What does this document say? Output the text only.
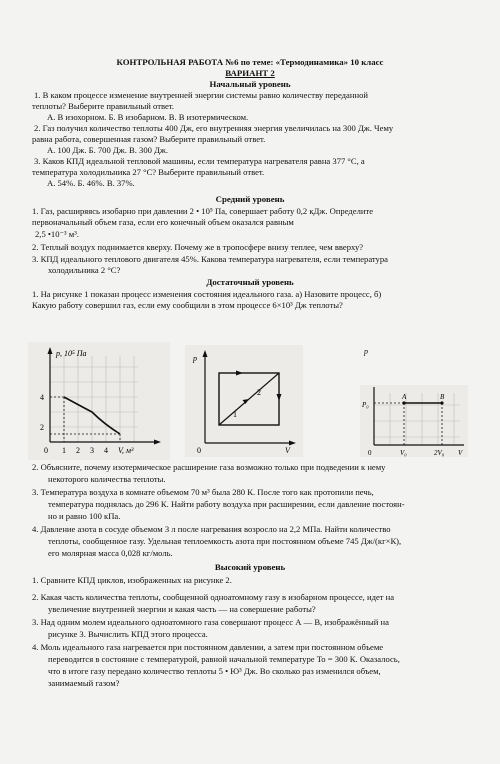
КОНТРОЛЬНАЯ РАБОТА №6 по теме: «Термодинамика» 10 класс
ВАРИАНТ 2
Начальный уровень
1. В каком процессе изменение внутренней энергии системы равно количеству переданной
теплоты? Выберите правильный ответ.
А. В изохорном. Б. В изобарном. В. В изотермическом.
2. Газ получил количество теплоты 400 Дж, его внутренняя энергия увеличилась на 300 Дж. Чему
равна работа, совершенная газом? Выберите правильный ответ.
А. 100 Дж. Б. 700 Дж. В. 300 Дж.
3. Каков КПД идеальной тепловой машины, если температура нагревателя равна 377 °С, а
температура холодильника 27 °С? Выберите правильный ответ.
А. 54%. Б. 46%. В. 37%.
Средний уровень
1. Газ, расширяясь изобарно при давлении 2 • 10⁵ Па, совершает работу 0,2 кДж. Определите
первоначальный объем газа, если его конечный объем оказался равным
2,5 •10⁻³ м³.
2. Теплый воздух поднимается кверху. Почему же в тропосфере внизу теплее, чем вверху?
3. КПД идеального теплового двигателя 45%. Какова температура нагревателя, если температура
холодильника 2 °С?
Достаточный уровень
1. На рисунке 1 показан процесс изменения состояния идеального газа. а) Назовите процесс, б)
Какую работу совершил газ, если ему сообщили в этом процессе 6×10³ Дж теплоты?
p, 10⁵ Па
4
2
0 1 2 3 4 V, м³
p
0	V
1
2
P₀
A	B
0	V₀	2V₀ V
p
2. Объясните, почему изотермическое расширение газа возможно только при подведении к нему
некоторого количества теплоты.
3. Температура воздуха в комнате объемом 70 м³ была 280 К. После того как протопили печь,
температура поднялась до 296 К. Найти работу воздуха при расширении, если давление постоян-
но и равно 100 кПа.
4. Давление азота в сосуде объемом 3 л после нагревания возросло на 2,2 МПа. Найти количество
теплоты, сообщенное газу. Удельная теплоемкость азота при постоянном объеме 745 Дж/(кг×К),
его молярная масса 0,028 кг/моль.
Высокий уровень
1. Сравните КПД циклов, изображенных на рисунке 2.
2. Какая часть количества теплоты, сообщенной одноатомному газу в изобарном процессе, идет на
увеличение внутренней энергии и какая часть — на совершение работы?
3. Над одним молем идеального одноатомного газа совершают процесс А — В, изображённый на
рисунке 3. Вычислить КПД этого процесса.
4. Моль идеального газа нагревается при постоянном давлении, а затем при постоянном объеме
переводится в состояние с температурой, равной начальной температуре То = 300 К. Оказалось,
что в итоге газу передано количество теплоты 5 • Ю³ Дж. Во сколько раз изменился объем,
занимаемый газом?
